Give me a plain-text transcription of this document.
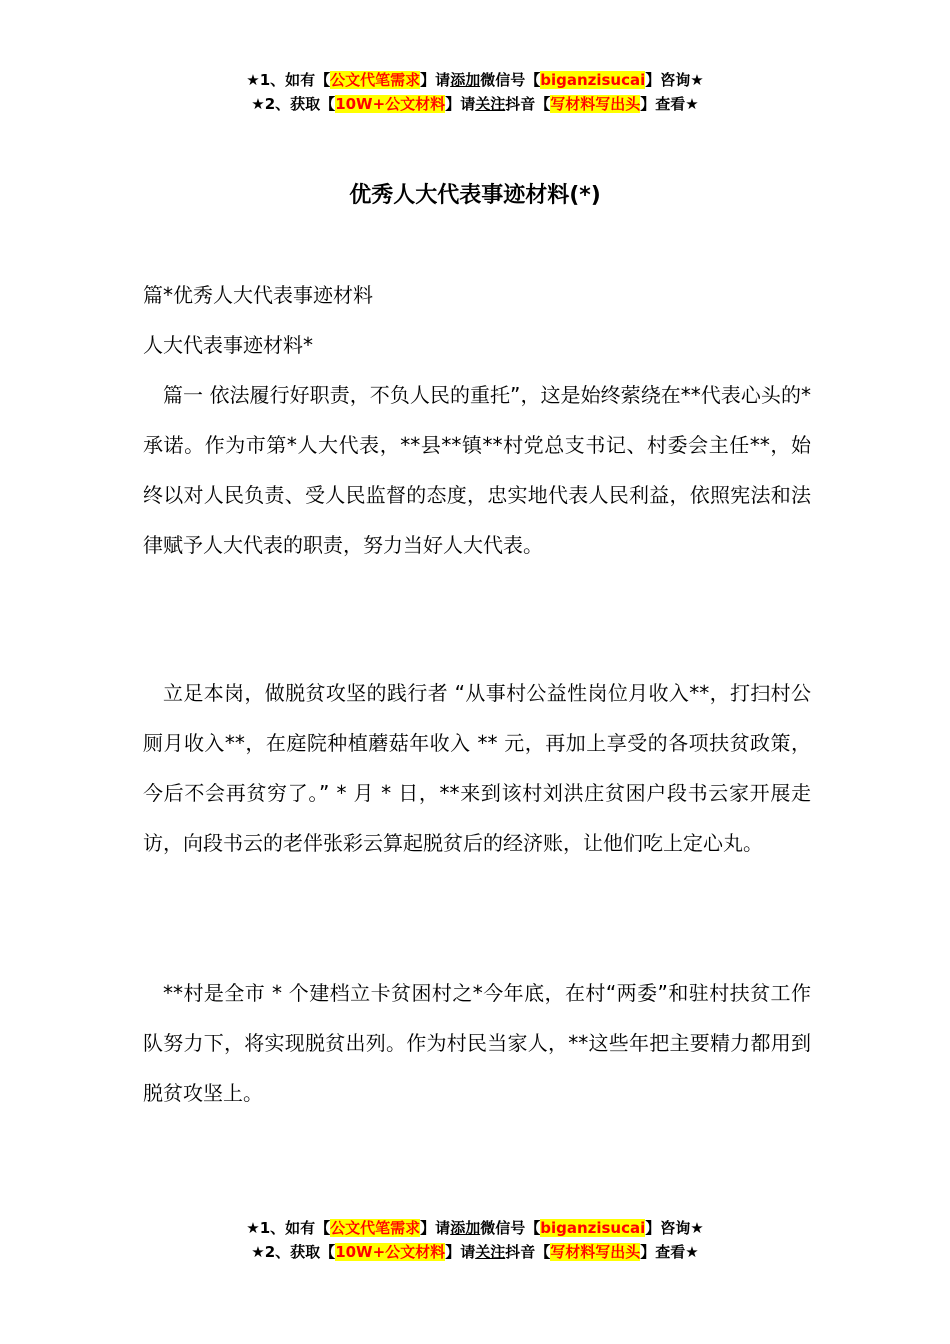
★1、如有【公文代笔需求】请添加微信号【biganzisucai】咨询★
★2、获取【10W+公文材料】请关注抖音【写材料写出头】查看★
优秀人大代表事迹材料(*)
篇*优秀人大代表事迹材料
人大代表事迹材料*

篇一 依法履行好职责，不负人民的重托”，这是始终萦绕在**代表心头的*承诺。作为市第*人大代表，**县**镇**村党总支书记、村委会主任**，始终以对人民负责、受人民监督的态度，忠实地代表人民利益，依照宪法和法律赋予人大代表的职责，努力当好人大代表。

立足本岗，做脱贫攻坚的践行者 “从事村公益性岗位月收入**，打扫村公厕月收入**，在庭院种植蘑菇年收入 ** 元，再加上享受的各项扶贫政策，今后不会再贫穷了。” * 月 * 日，**来到该村刘洪庄贫困户段书云家开展走访，向段书云的老伴张彩云算起脱贫后的经济账，让他们吃上定心丸。

**村是全市 * 个建档立卡贫困村之*今年底，在村“两委”和驻村扶贫工作队努力下，将实现脱贫出列。作为村民当家人，**这些年把主要精力都用到脱贫攻坚上。

★1、如有【公文代笔需求】请添加微信号【biganzisucai】咨询★
★2、获取【10W+公文材料】请关注抖音【写材料写出头】查看★
